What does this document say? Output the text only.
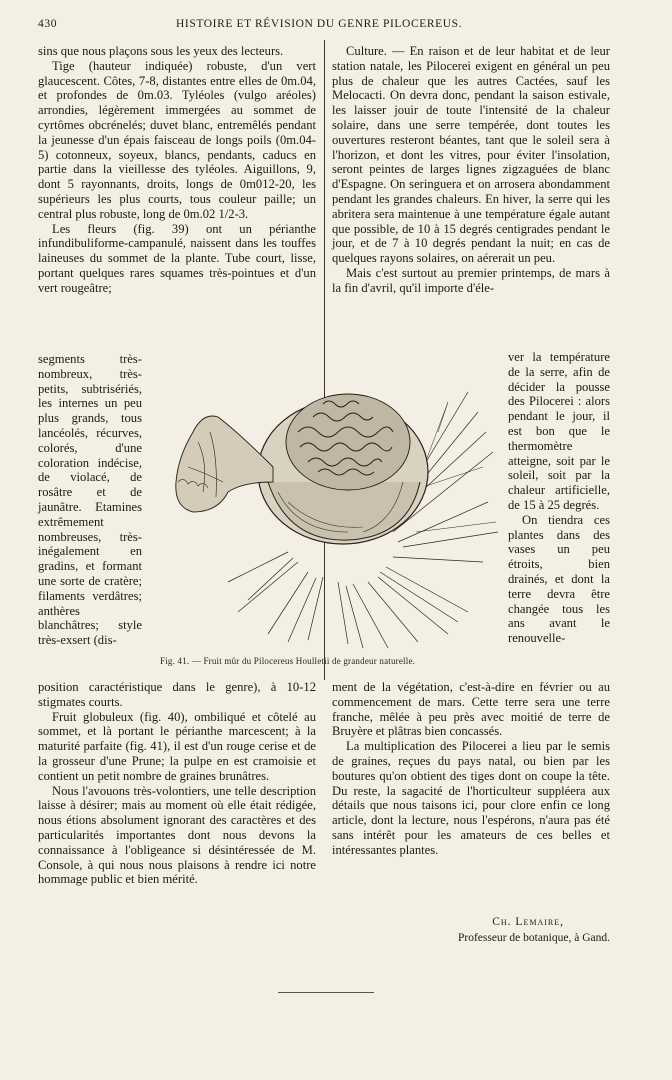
430	HISTOIRE ET RÉVISION DU GENRE PILOCEREUS.

sins que nous plaçons sous les yeux des lecteurs.

Tige (hauteur indiquée) robuste, d'un vert glaucescent. Côtes, 7-8, distantes entre elles de 0m.04, et profondes de 0m.03. Tyléoles (vulgo aréoles) arrondies, légèrement immergées au sommet de cyrtômes obcrénelés; duvet blanc, entremêlés pendant la jeunesse d'un épais faisceau de longs poils (0m.04-5) cotonneux, soyeux, blancs, pendants, caducs en partie dans la vieillesse des tyléoles. Aiguillons, 9, dont 5 rayonnants, droits, longs de 0m012-20, les supérieurs les plus courts, tous couleur paille; un central plus robuste, long de 0m.02 1/2-3.

Les fleurs (fig. 39) ont un périanthe infundibuliforme-campanulé, naissent dans les touffes laineuses du sommet de la plante. Tube court, lisse, portant quelques rares squames très-pointues et d'un vert rougeâtre;

segments très-nombreux, très-petits, subtrisériés, les internes un peu plus grands, tous lancéolés, récurves, colorés, d'une coloration indécise, de violacé, de rosâtre et de jaunâtre. Etamines extrêmement nombreuses, très-inégalement en gradins, et formant une sorte de cratère; filaments verdâtres; anthères blanchâtres; style très-exsert (dis-

Culture. — En raison et de leur habitat et de leur station natale, les Pilocerei exigent en général un peu plus de chaleur que les autres Cactées, sauf les Melocacti. On devra donc, pendant la saison estivale, les laisser jouir de toute l'intensité de la chaleur solaire, dans une serre tempérée, dont toutes les ouvertures resteront béantes, tant que le soleil sera à l'horizon, et dont les vitres, pour éviter l'insolation, seront peintes de larges lignes zigzaguées de blanc d'Espagne. On seringuera et on arrosera abondamment pendant les grandes chaleurs. En hiver, la serre qui les abritera sera maintenue à une température égale autant que possible, de 10 à 15 degrés centigrades pendant le jour, et de 7 à 10 degrés pendant la nuit; en cas de quelques rayons solaires, on aérerait un peu.

Mais c'est surtout au premier printemps, de mars à la fin d'avril, qu'il importe d'éle-

ver la température de la serre, afin de décider la pousse des Pilocerei : alors pendant le jour, il est bon que le thermomètre atteigne, soit par le soleil, soit par la chaleur artificielle, de 15 à 25 degrés.

On tiendra ces plantes dans des vases un peu étroits, bien drainés, et dont la terre devra être changée tous les ans avant le renouvelle-

Fig. 41. — Fruit mûr du Pilocereus Houlletii de grandeur naturelle.

position caractéristique dans le genre), à 10-12 stigmates courts.

Fruit globuleux (fig. 40), ombiliqué et côtelé au sommet, et là portant le périanthe marcescent; à la maturité parfaite (fig. 41), il est d'un rouge cerise et de la grosseur d'une Prune; la pulpe en est cramoisie et contient un petit nombre de graines brunâtres.

Nous l'avouons très-volontiers, une telle description laisse à désirer; mais au moment où elle était rédigée, nous étions absolument ignorant des caractères et des particularités importantes dont nous devons la connaissance à l'obligeance si désintéressée de M. Console, à qui nous nous plaisons à rendre ici notre hommage public et bien mérité.

ment de la végétation, c'est-à-dire en février ou au commencement de mars. Cette terre sera une terre franche, mêlée à peu près avec moitié de terre de Bruyère et plâtras bien concassés.

La multiplication des Pilocerei a lieu par le semis de graines, reçues du pays natal, ou bien par les boutures qu'on obtient des tiges dont on coupe la tête. Du reste, la sagacité de l'horticulteur suppléera aux détails que nous taisons ici, pour clore enfin ce long article, dont la lecture, nous l'espérons, n'aura pas été sans intérêt pour les amateurs de ces belles et intéressantes plantes.

Ch. Lemaire,
Professeur de botanique, à Gand.
